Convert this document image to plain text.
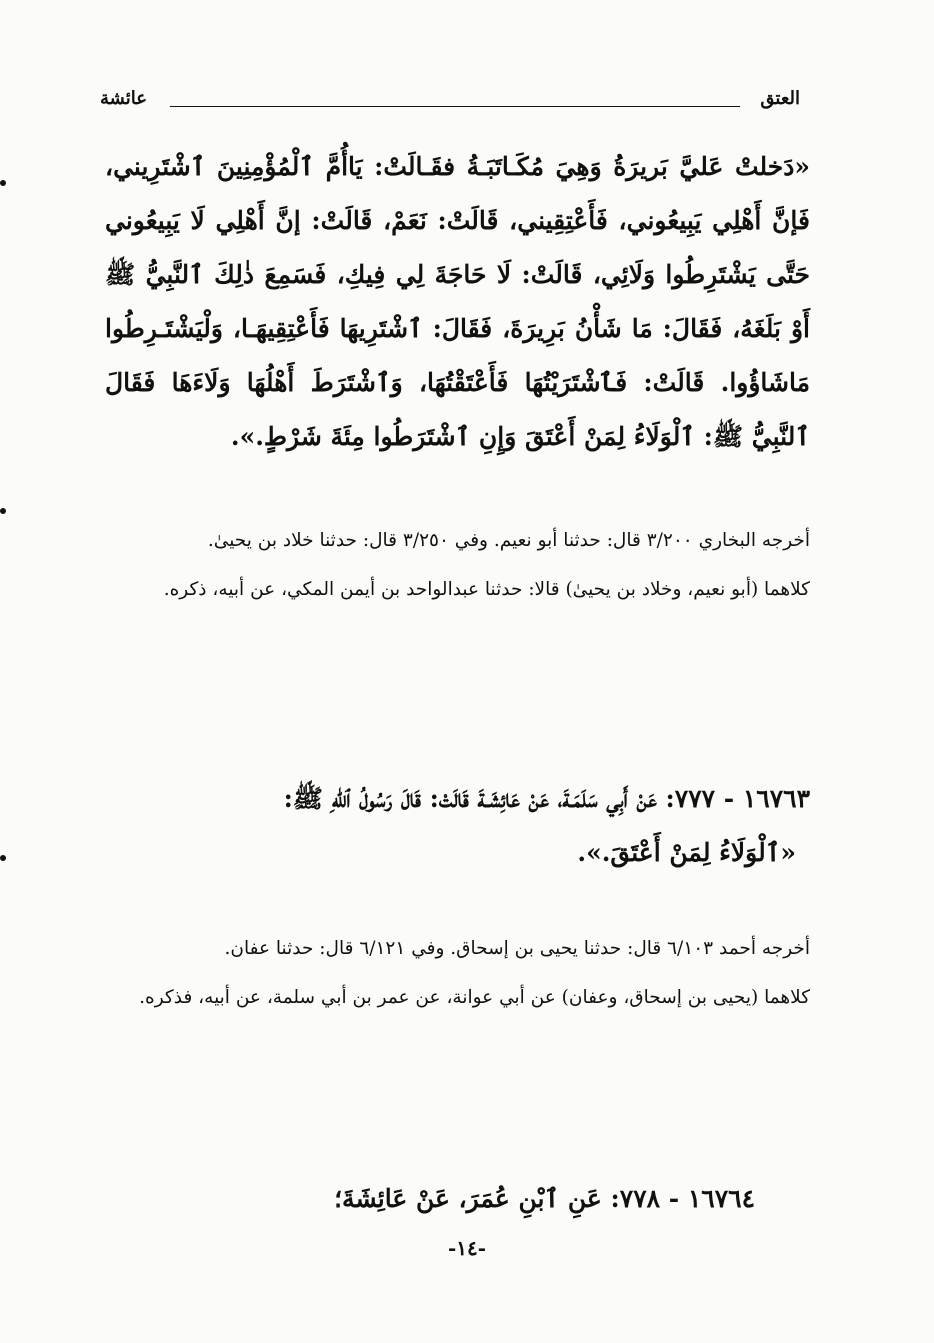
العتق
عائشة
«دَخلتْ عَليَّ بَريرَةُ وَهِيَ مُكَـاتَبَـةُ فقَـالَتْ: يَاأُمَّ ٱلْمُؤْمِنِينَ ٱشْتَرِيني، فَإنَّ أَهْلِي يَبِيعُوني، فَأَعْتِقِيني، قَالَتْ: نَعَمْ، قَالَتْ: إنَّ أَهْلِي لَا يَبِيعُوني حَتَّى يَشْتَرِطُوا وَلَائِي، قَالَتْ: لَا حَاجَةَ لِي فِيكِ، فَسَمِعَ ذٰلِكَ ٱلنَّبِيُّ ﷺ أَوْ بَلَغَهُ، فَقَالَ: مَا شَأْنُ بَرِيرَةَ، فَقَالَ: ٱشْتَرِيهَا فَأَعْتِقِيهَـا، وَلْيَشْتَـرِطُوا مَاشَاؤُوا. قَالَتْ: فَٱشْتَرَيْتُهَا فَأَعْتَقْتُهَا، وَٱشْتَرَطَ أَهْلُهَا وَلَاءَهَا فَقَالَ ٱلنَّبِيُّ ﷺ: ٱلْوَلَاءُ لِمَنْ أَعْتَقَ وَإِنِ ٱشْتَرَطُوا مِئَةَ شَرْطٍ.».
أخرجه البخاري ٣/٢٠٠ قال: حدثنا أبو نعيم. وفي ٣/٢٥٠ قال: حدثنا خلاد بن يحيىٰ.
كلاهما (أبو نعيم، وخلاد بن يحيىٰ) قالا: حدثنا عبدالواحد بن أيمن المكي، عن أبيه، ذكره.
١٦٧٦٣ - ٧٧٧: عَنْ أَبِي سَلَمَـةَ، عَنْ عَائِشَـةَ قَالَتْ: قَالَ رَسُولُ ٱللهِ ﷺ:
«ٱلْوَلَاءُ لِمَنْ أَعْتَقَ.».
أخرجه أحمد ٦/١٠٣ قال: حدثنا يحيى بن إسحاق. وفي ٦/١٢١ قال: حدثنا عفان.
كلاهما (يحيى بن إسحاق، وعفان) عن أبي عوانة، عن عمر بن أبي سلمة، عن أبيه، فذكره.
١٦٧٦٤ - ٧٧٨: عَنِ ٱبْنِ عُمَرَ، عَنْ عَائِشَةَ؛
-١٤-
